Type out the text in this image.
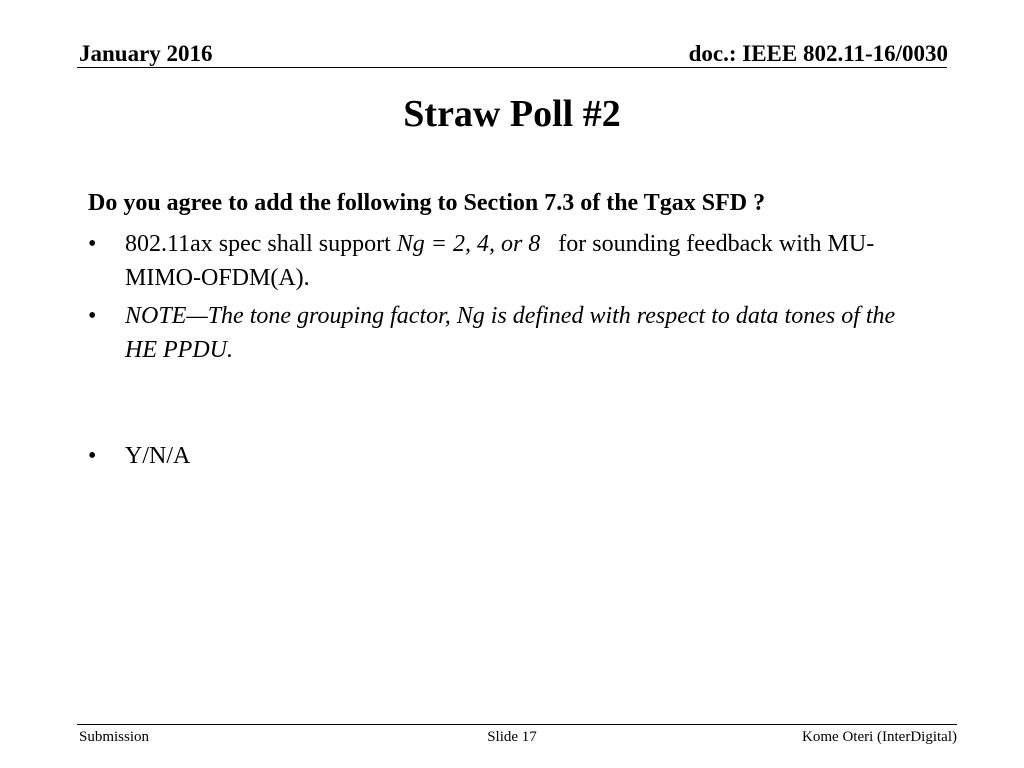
January 2016	doc.: IEEE 802.11-16/0030
Straw Poll #2
Do you agree to add the following to Section 7.3 of the Tgax SFD ?
• 802.11ax spec shall support Ng = 2, 4, or 8   for sounding feedback with MU-MIMO-OFDM(A).
• NOTE—The tone grouping factor, Ng is defined with respect to data tones of the HE PPDU.
• Y/N/A
Submission	Slide 17	Kome Oteri (InterDigital)
